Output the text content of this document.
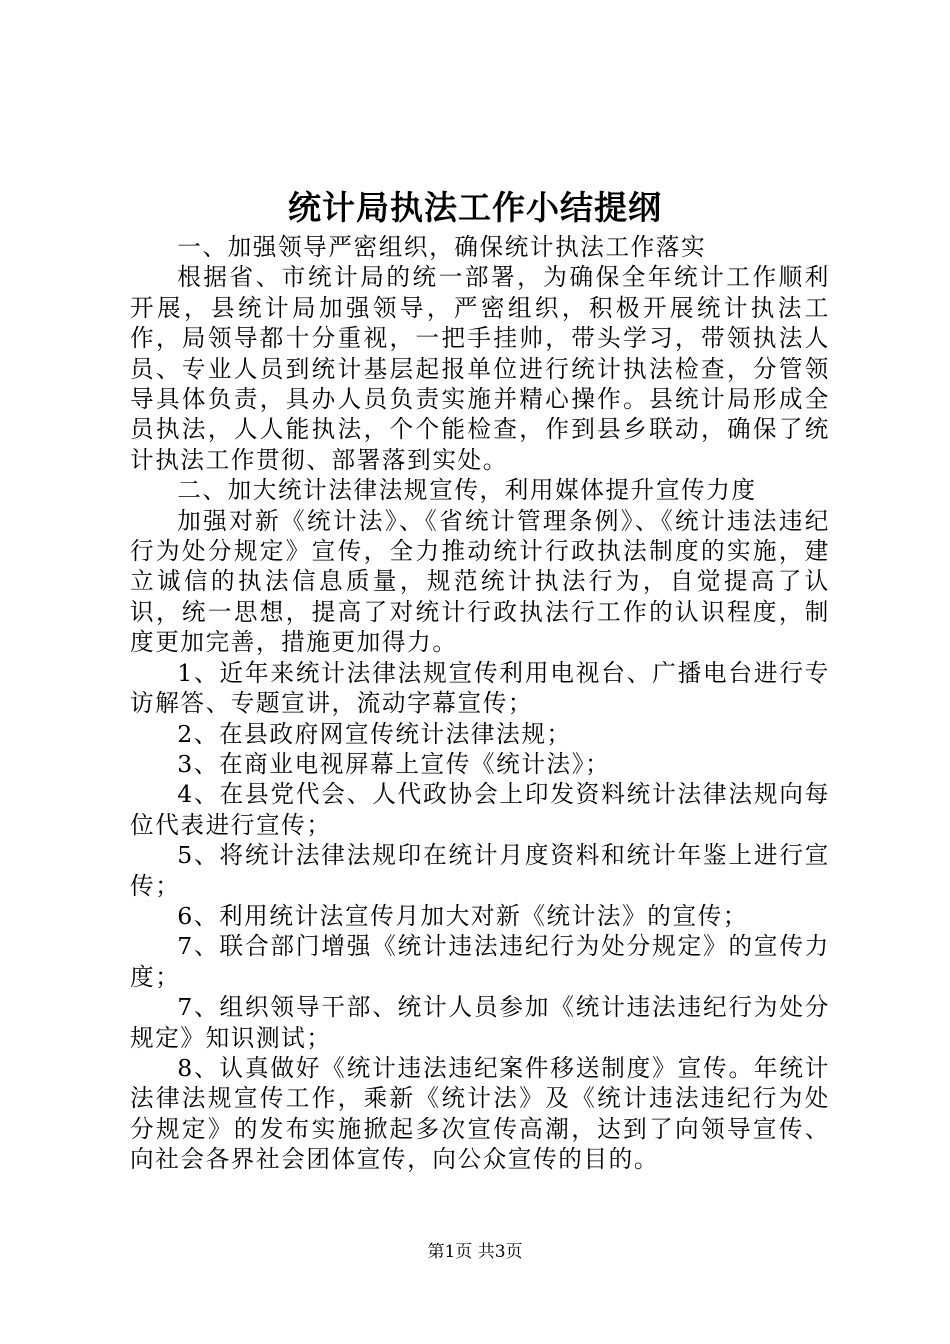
统计局执法工作小结提纲

一、加强领导严密组织，确保统计执法工作落实

根据省、市统计局的统一部署，为确保全年统计工作顺利开展，县统计局加强领导，严密组织，积极开展统计执法工作，局领导都十分重视，一把手挂帅，带头学习，带领执法人员、专业人员到统计基层起报单位进行统计执法检查，分管领导具体负责，具办人员负责实施并精心操作。县统计局形成全员执法，人人能执法，个个能检查，作到县乡联动，确保了统计执法工作贯彻、部署落到实处。

二、加大统计法律法规宣传，利用媒体提升宣传力度

加强对新《统计法》、《省统计管理条例》、《统计违法违纪行为处分规定》宣传，全力推动统计行政执法制度的实施，建立诚信的执法信息质量，规范统计执法行为，自觉提高了认识，统一思想，提高了对统计行政执法行工作的认识程度，制度更加完善，措施更加得力。

1、近年来统计法律法规宣传利用电视台、广播电台进行专访解答、专题宣讲，流动字幕宣传；

2、在县政府网宣传统计法律法规；

3、在商业电视屏幕上宣传《统计法》；

4、在县党代会、人代政协会上印发资料统计法律法规向每位代表进行宣传；

5、将统计法律法规印在统计月度资料和统计年鉴上进行宣传；

6、利用统计法宣传月加大对新《统计法》的宣传；

7、联合部门增强《统计违法违纪行为处分规定》的宣传力度；

7、组织领导干部、统计人员参加《统计违法违纪行为处分规定》知识测试；

8、认真做好《统计违法违纪案件移送制度》宣传。年统计法律法规宣传工作，乘新《统计法》及《统计违法违纪行为处分规定》的发布实施掀起多次宣传高潮，达到了向领导宣传、向社会各界社会团体宣传，向公众宣传的目的。

第1页 共3页
